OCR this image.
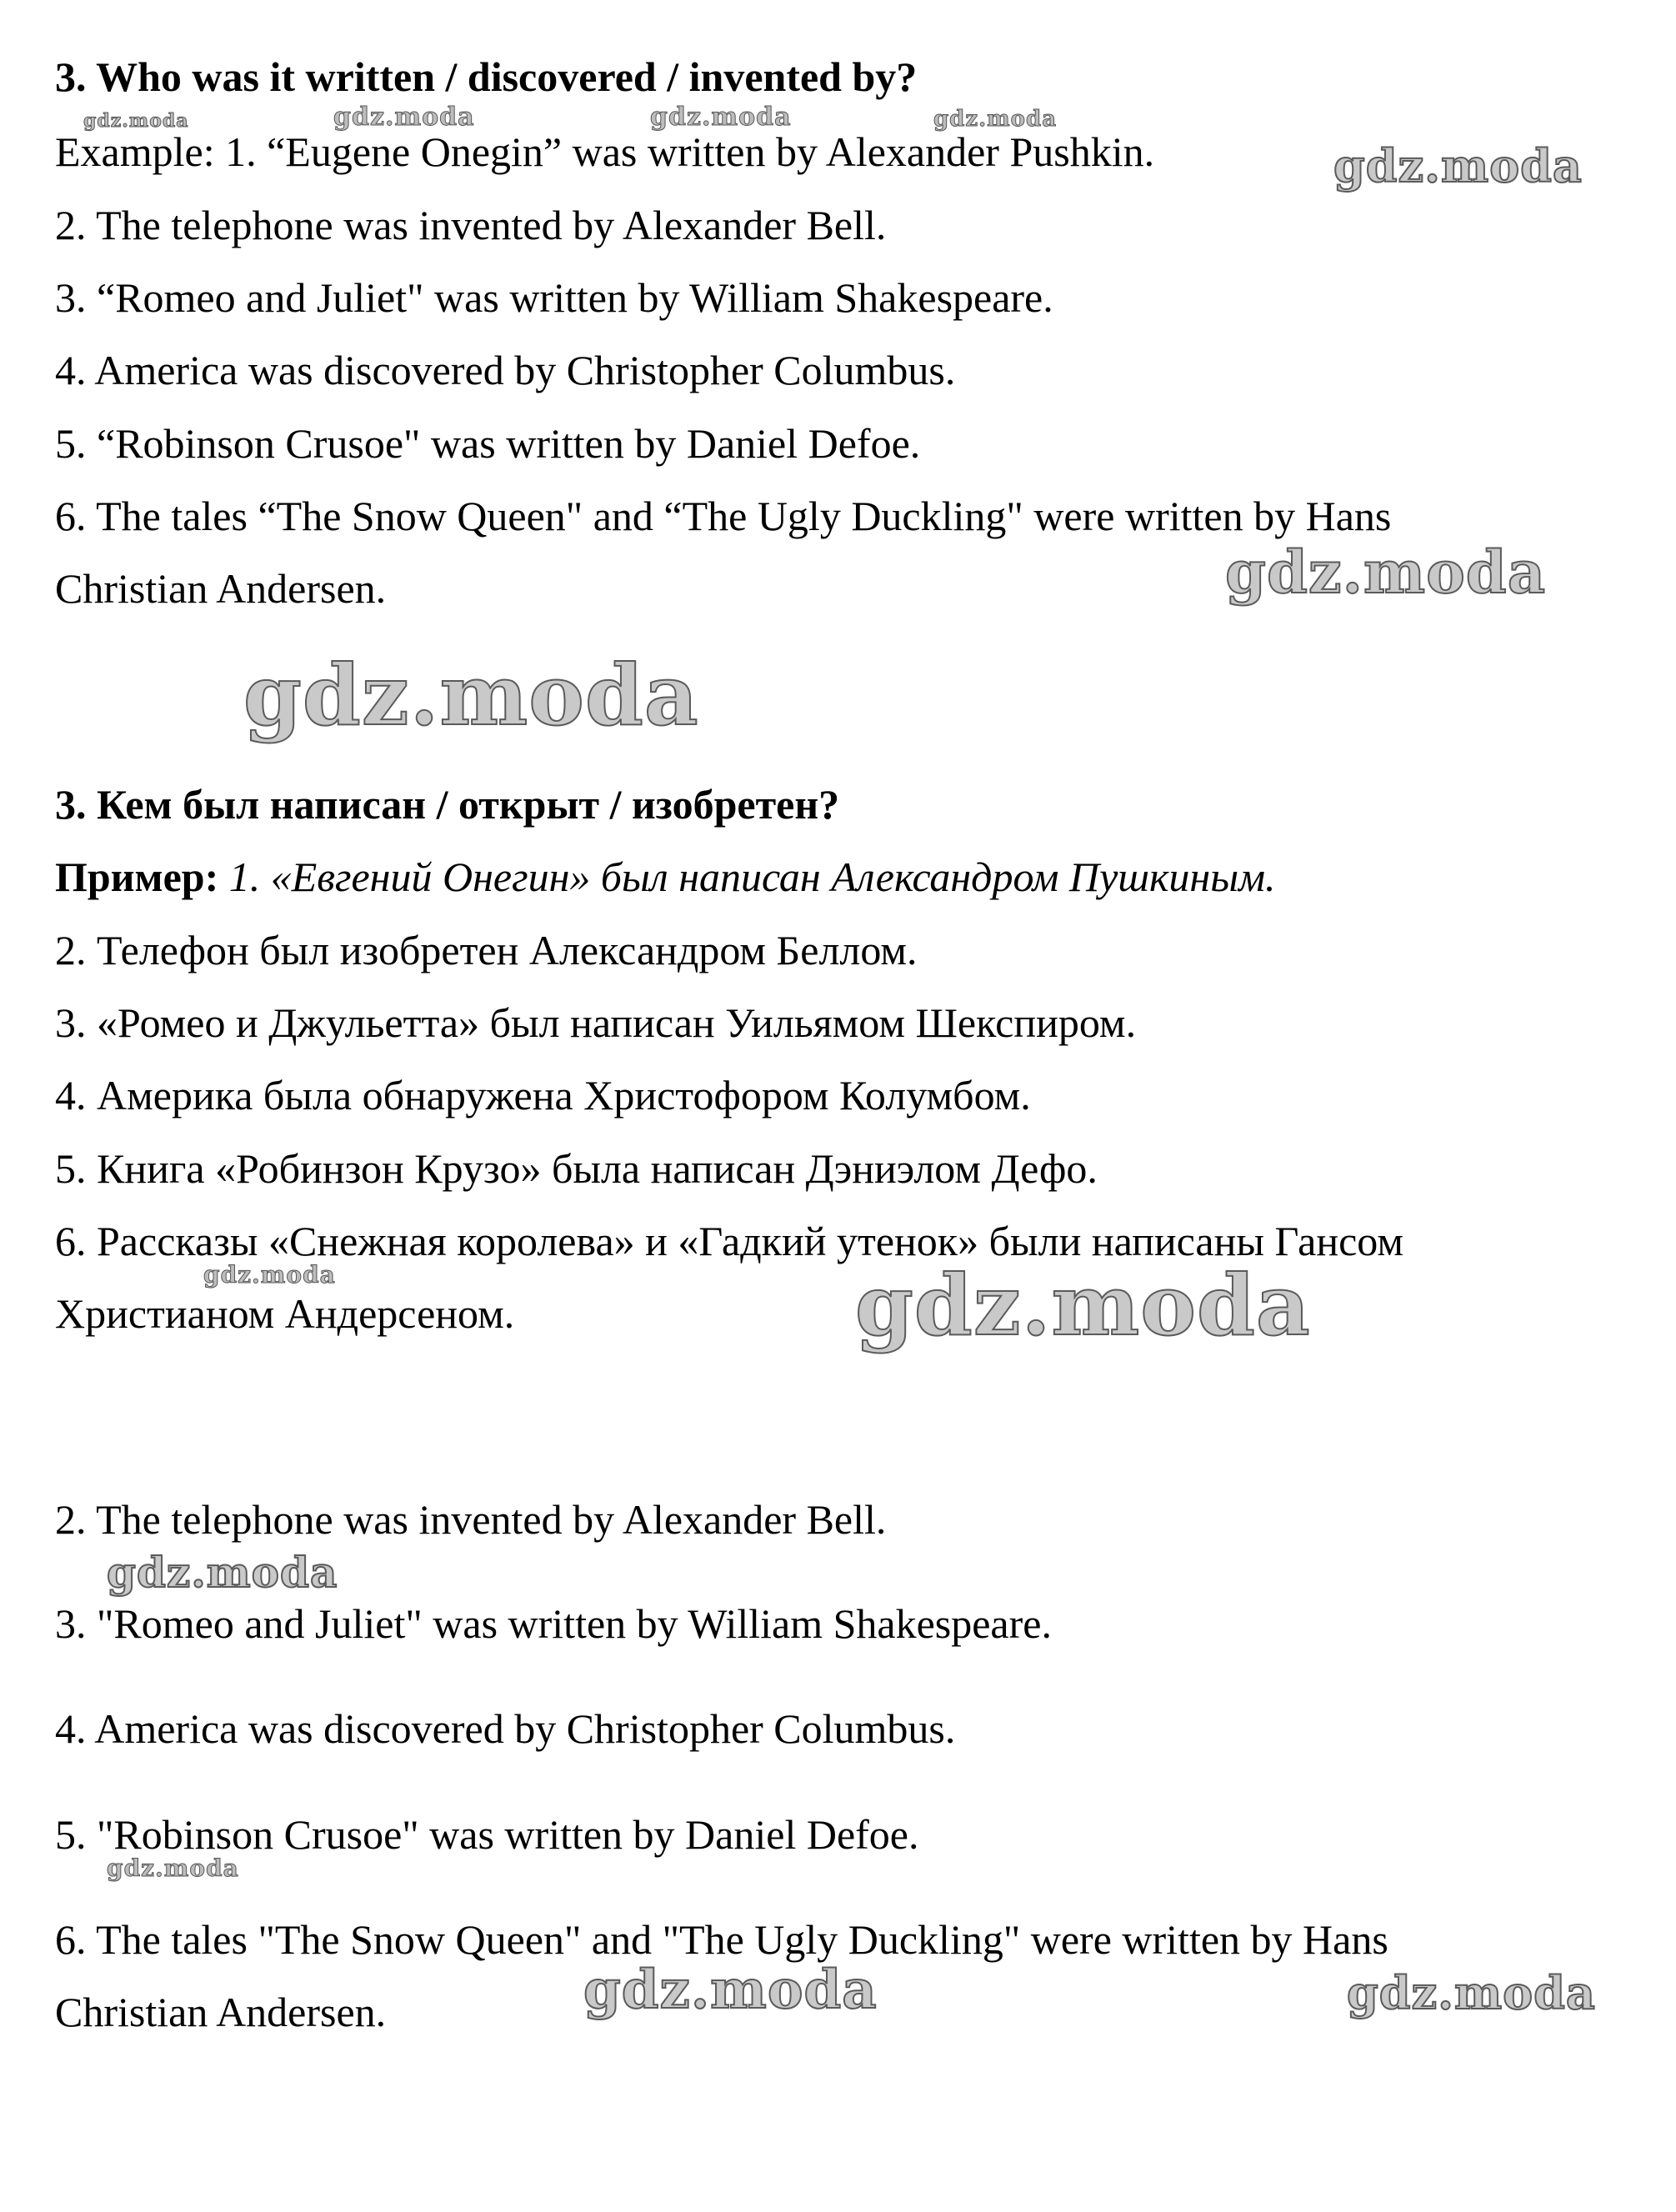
3. Who was it written / discovered / invented by?
Example: 1. “Eugene Onegin” was written by Alexander Pushkin.
2. The telephone was invented by Alexander Bell.
3. “Romeo and Juliet" was written by William Shakespeare.
4. America was discovered by Christopher Columbus.
5. “Robinson Crusoe" was written by Daniel Defoe.
6. The tales “The Snow Queen" and “The Ugly Duckling" were written by Hans
Christian Andersen.
3. Кем был написан / открыт / изобретен?
Пример: 1. «Евгений Онегин» был написан Александром Пушкиным.
2. Телефон был изобретен Александром Беллом.
3. «Ромео и Джульетта» был написан Уильямом Шекспиром.
4. Америка была обнаружена Христофором Колумбом.
5. Книга «Робинзон Крузо» была написан Дэниэлом Дефо.
6. Рассказы «Снежная королева» и «Гадкий утенок» были написаны Гансом
Христианом Андерсеном.
2. The telephone was invented by Alexander Bell.
3. "Romeo and Juliet" was written by William Shakespeare.
4. America was discovered by Christopher Columbus.
5. "Robinson Crusoe" was written by Daniel Defoe.
6. The tales "The Snow Queen" and "The Ugly Duckling" were written by Hans
Christian Andersen.
gdz.moda	gdz.moda	gdz.moda	gdz.moda
gdz.moda
gdz.moda
gdz.moda
gdz.moda	gdz.moda
gdz.moda
gdz.moda
gdz.moda	gdz.moda
